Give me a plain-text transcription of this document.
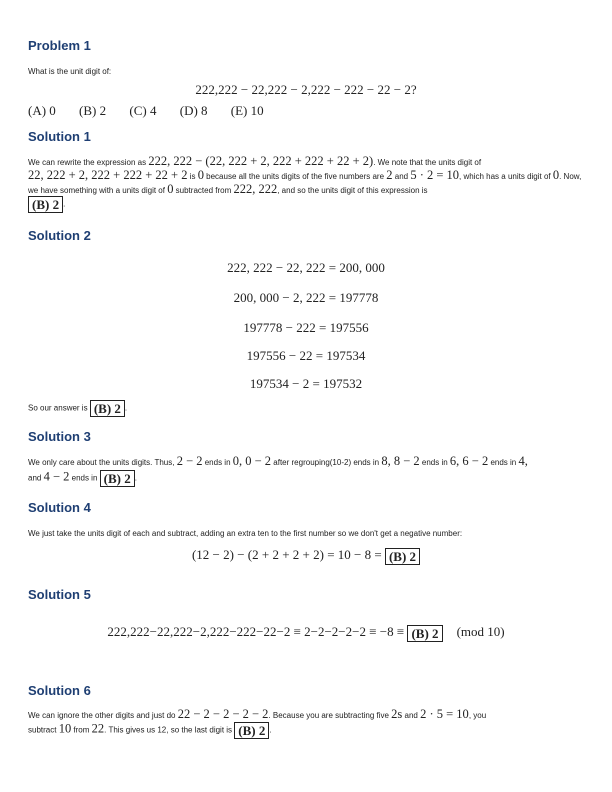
Problem 1

What is the unit digit of:

222,222 − 22,222 − 2,222 − 222 − 22 − 2?
(A) 0 (B) 2 (C) 4 (D) 8 (E) 10
Solution 1

We can rewrite the expression as 222, 222 − (22, 222 + 2, 222 + 222 + 22 + 2). We note that the units digit of
22, 222 + 2, 222 + 222 + 22 + 2 is 0 because all the units digits of the five numbers are 2 and 5 · 2 = 10, which has a units digit of 0. Now, we have something with a units digit of 0 subtracted from 222, 222, and so the units digit of this expression is

(B) 2 .
Solution 2
222, 222 − 22, 222 = 200, 000
200, 000 − 2, 222 = 197778
197778 − 222 = 197556
197556 − 22 = 197534
197534 − 2 = 197532
So our answer is (B) 2 .
Solution 3

We only care about the units digits. Thus, 2 − 2 ends in 0, 0 − 2 after regrouping(10-2) ends in 8, 8 − 2 ends in 6, 6 − 2 ends in 4,

and 4 − 2 ends in (B) 2 .
Solution 4

We just take the units digit of each and subtract, adding an extra ten to the first number so we don't get a negative number:

(12 − 2) − (2 + 2 + 2 + 2) = 10 − 8 = (B) 2
Solution 5
222,222−22,222−2,222−222−22−2 ≡ 2−2−2−2−2 ≡ −8 ≡ (B) 2 (mod 10)
Solution 6

We can ignore the other digits and just do 22 − 2 − 2 − 2 − 2. Because you are subtracting five 2s and 2 · 5 = 10, you
subtract 10 from 22. This gives us 12, so the last digit is (B) 2 .
